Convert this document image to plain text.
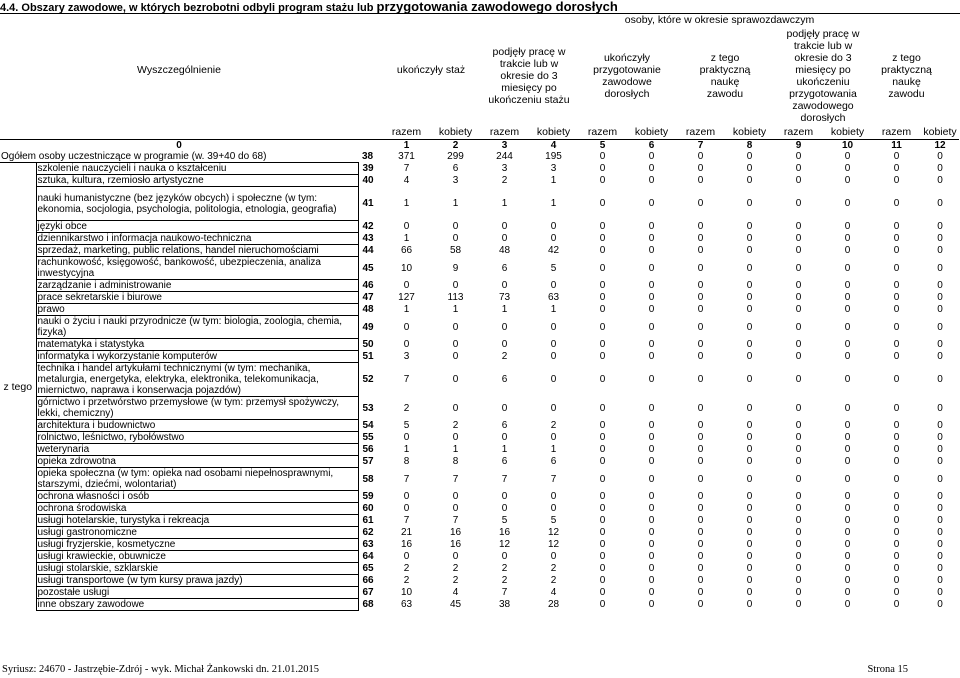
4.4. Obszary zawodowe, w których bezrobotni odbyli program stażu lub przygotowania zawodowego dorosłych
Wyszczególnienie			ukończyły staż		osoby, które w okresie sprawozdawczym									
					podjęły pracę w trakcie lub w okresie do 3 miesięcy po ukończeniu stażu		ukończyły przygotowanie zawodowe dorosłych		z tego praktyczną naukę zawodu		podjęły pracę w trakcie lub w okresie do 3 miesięcy po ukończeniu przygotowania zawodowego dorosłych		z tego praktyczną naukę zawodu	
			razem	kobiety	razem	kobiety	razem	kobiety	razem	kobiety	razem	kobiety	razem	kobiety
0			1	2	3	4	5	6	7	8	9	10	11	12
Ogółem osoby uczestniczące w programie (w. 39+40 do 68)		38	371	299	244	195	0	0	0	0	0	0	0	0
z tego	szkolenie nauczycieli i nauka o kształceniu	39	7	6	3	3	0	0	0	0	0	0	0	0
	sztuka, kultura, rzemiosło artystyczne	40	4	3	2	1	0	0	0	0	0	0	0	0
	nauki humanistyczne (bez języków obcych) i społeczne (w tym: ekonomia, socjologia, psychologia, politologia, etnologia, geografia)	41	1	1	1	1	0	0	0	0	0	0	0	0
	języki obce	42	0	0	0	0	0	0	0	0	0	0	0	0
	dziennikarstwo i informacja naukowo-techniczna	43	1	0	0	0	0	0	0	0	0	0	0	0
	sprzedaż, marketing, public relations, handel nieruchomościami	44	66	58	48	42	0	0	0	0	0	0	0	0
	rachunkowość, księgowość, bankowość, ubezpieczenia, analiza inwestycyjna	45	10	9	6	5	0	0	0	0	0	0	0	0
	zarządzanie i administrowanie	46	0	0	0	0	0	0	0	0	0	0	0	0
	prace sekretarskie i biurowe	47	127	113	73	63	0	0	0	0	0	0	0	0
	prawo	48	1	1	1	1	0	0	0	0	0	0	0	0
	nauki o życiu i nauki przyrodnicze (w tym: biologia, zoologia, chemia, fizyka)	49	0	0	0	0	0	0	0	0	0	0	0	0
	matematyka i statystyka	50	0	0	0	0	0	0	0	0	0	0	0	0
	informatyka i wykorzystanie komputerów	51	3	0	2	0	0	0	0	0	0	0	0	0
	technika i handel artykułami technicznymi (w tym: mechanika, metalurgia, energetyka, elektryka, elektronika, telekomunikacja, miernictwo, naprawa i konserwacja pojazdów)	52	7	0	6	0	0	0	0	0	0	0	0	0
	górnictwo i przetwórstwo przemysłowe (w tym: przemysł spożywczy, lekki, chemiczny)	53	2	0	0	0	0	0	0	0	0	0	0	0
	architektura i budownictwo	54	5	2	6	2	0	0	0	0	0	0	0	0
	rolnictwo, leśnictwo, rybołówstwo	55	0	0	0	0	0	0	0	0	0	0	0	0
	weterynaria	56	1	1	1	1	0	0	0	0	0	0	0	0
	opieka zdrowotna	57	8	8	6	6	0	0	0	0	0	0	0	0
	opieka społeczna (w tym: opieka nad osobami niepełnosprawnymi, starszymi, dziećmi, wolontariat)	58	7	7	7	7	0	0	0	0	0	0	0	0
	ochrona własności i osób	59	0	0	0	0	0	0	0	0	0	0	0	0
	ochrona środowiska	60	0	0	0	0	0	0	0	0	0	0	0	0
	usługi hotelarskie, turystyka i rekreacja	61	7	7	5	5	0	0	0	0	0	0	0	0
	usługi gastronomiczne	62	21	16	16	12	0	0	0	0	0	0	0	0
	usługi fryzjerskie, kosmetyczne	63	16	16	12	12	0	0	0	0	0	0	0	0
	usługi krawieckie, obuwnicze	64	0	0	0	0	0	0	0	0	0	0	0	0
	usługi stolarskie, szklarskie	65	2	2	2	2	0	0	0	0	0	0	0	0
	usługi transportowe (w tym kursy prawa jazdy)	66	2	2	2	2	0	0	0	0	0	0	0	0
	pozostałe usługi	67	10	4	7	4	0	0	0	0	0	0	0	0
	inne obszary zawodowe	68	63	45	38	28	0	0	0	0	0	0	0	0
Syriusz: 24670 - Jastrzębie-Zdrój - wyk. Michał Żankowski dn. 21.01.2015	Strona 15
